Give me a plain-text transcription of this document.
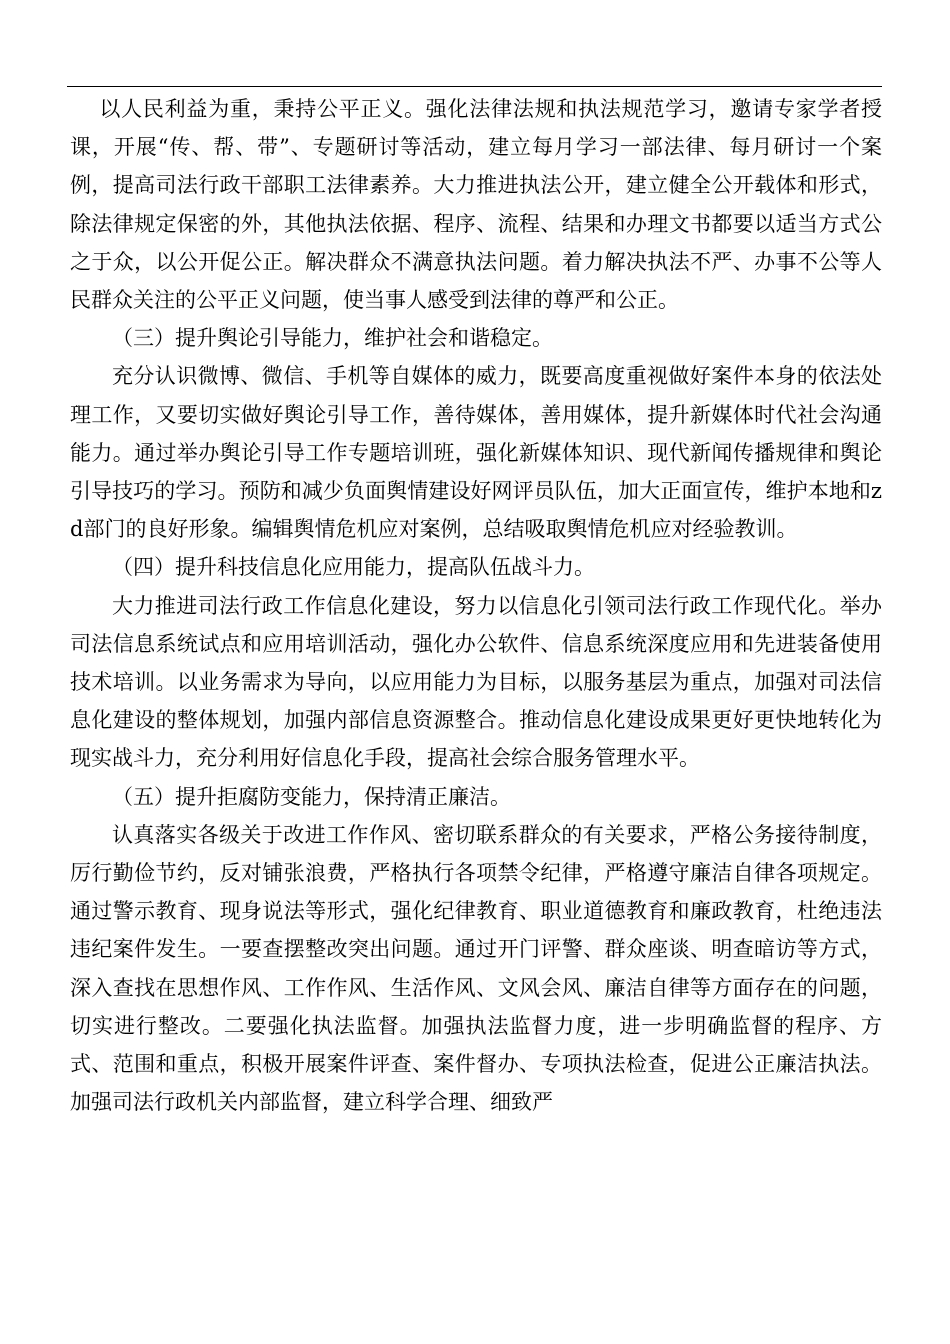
以人民利益为重，秉持公平正义。强化法律法规和执法规范学习，邀请专家学者授课，开展“传、帮、带”、专题研讨等活动，建立每月学习一部法律、每月研讨一个案例，提高司法行政干部职工法律素养。大力推进执法公开，建立健全公开载体和形式，除法律规定保密的外，其他执法依据、程序、流程、结果和办理文书都要以适当方式公之于众，以公开促公正。解决群众不满意执法问题。着力解决执法不严、办事不公等人民群众关注的公平正义问题，使当事人感受到法律的尊严和公正。

（三）提升舆论引导能力，维护社会和谐稳定。

充分认识微博、微信、手机等自媒体的威力，既要高度重视做好案件本身的依法处理工作，又要切实做好舆论引导工作，善待媒体，善用媒体，提升新媒体时代社会沟通能力。通过举办舆论引导工作专题培训班，强化新媒体知识、现代新闻传播规律和舆论引导技巧的学习。预防和减少负面舆情建设好网评员队伍，加大正面宣传，维护本地和zd部门的良好形象。编辑舆情危机应对案例，总结吸取舆情危机应对经验教训。

（四）提升科技信息化应用能力，提高队伍战斗力。

大力推进司法行政工作信息化建设，努力以信息化引领司法行政工作现代化。举办司法信息系统试点和应用培训活动，强化办公软件、信息系统深度应用和先进装备使用技术培训。以业务需求为导向，以应用能力为目标，以服务基层为重点，加强对司法信息化建设的整体规划，加强内部信息资源整合。推动信息化建设成果更好更快地转化为现实战斗力，充分利用好信息化手段，提高社会综合服务管理水平。

（五）提升拒腐防变能力，保持清正廉洁。

认真落实各级关于改进工作作风、密切联系群众的有关要求，严格公务接待制度，厉行勤俭节约，反对铺张浪费，严格执行各项禁令纪律，严格遵守廉洁自律各项规定。通过警示教育、现身说法等形式，强化纪律教育、职业道德教育和廉政教育，杜绝违法违纪案件发生。一要查摆整改突出问题。通过开门评警、群众座谈、明查暗访等方式，深入查找在思想作风、工作作风、生活作风、文风会风、廉洁自律等方面存在的问题，切实进行整改。二要强化执法监督。加强执法监督力度，进一步明确监督的程序、方式、范围和重点，积极开展案件评查、案件督办、专项执法检查，促进公正廉洁执法。加强司法行政机关内部监督，建立科学合理、细致严
